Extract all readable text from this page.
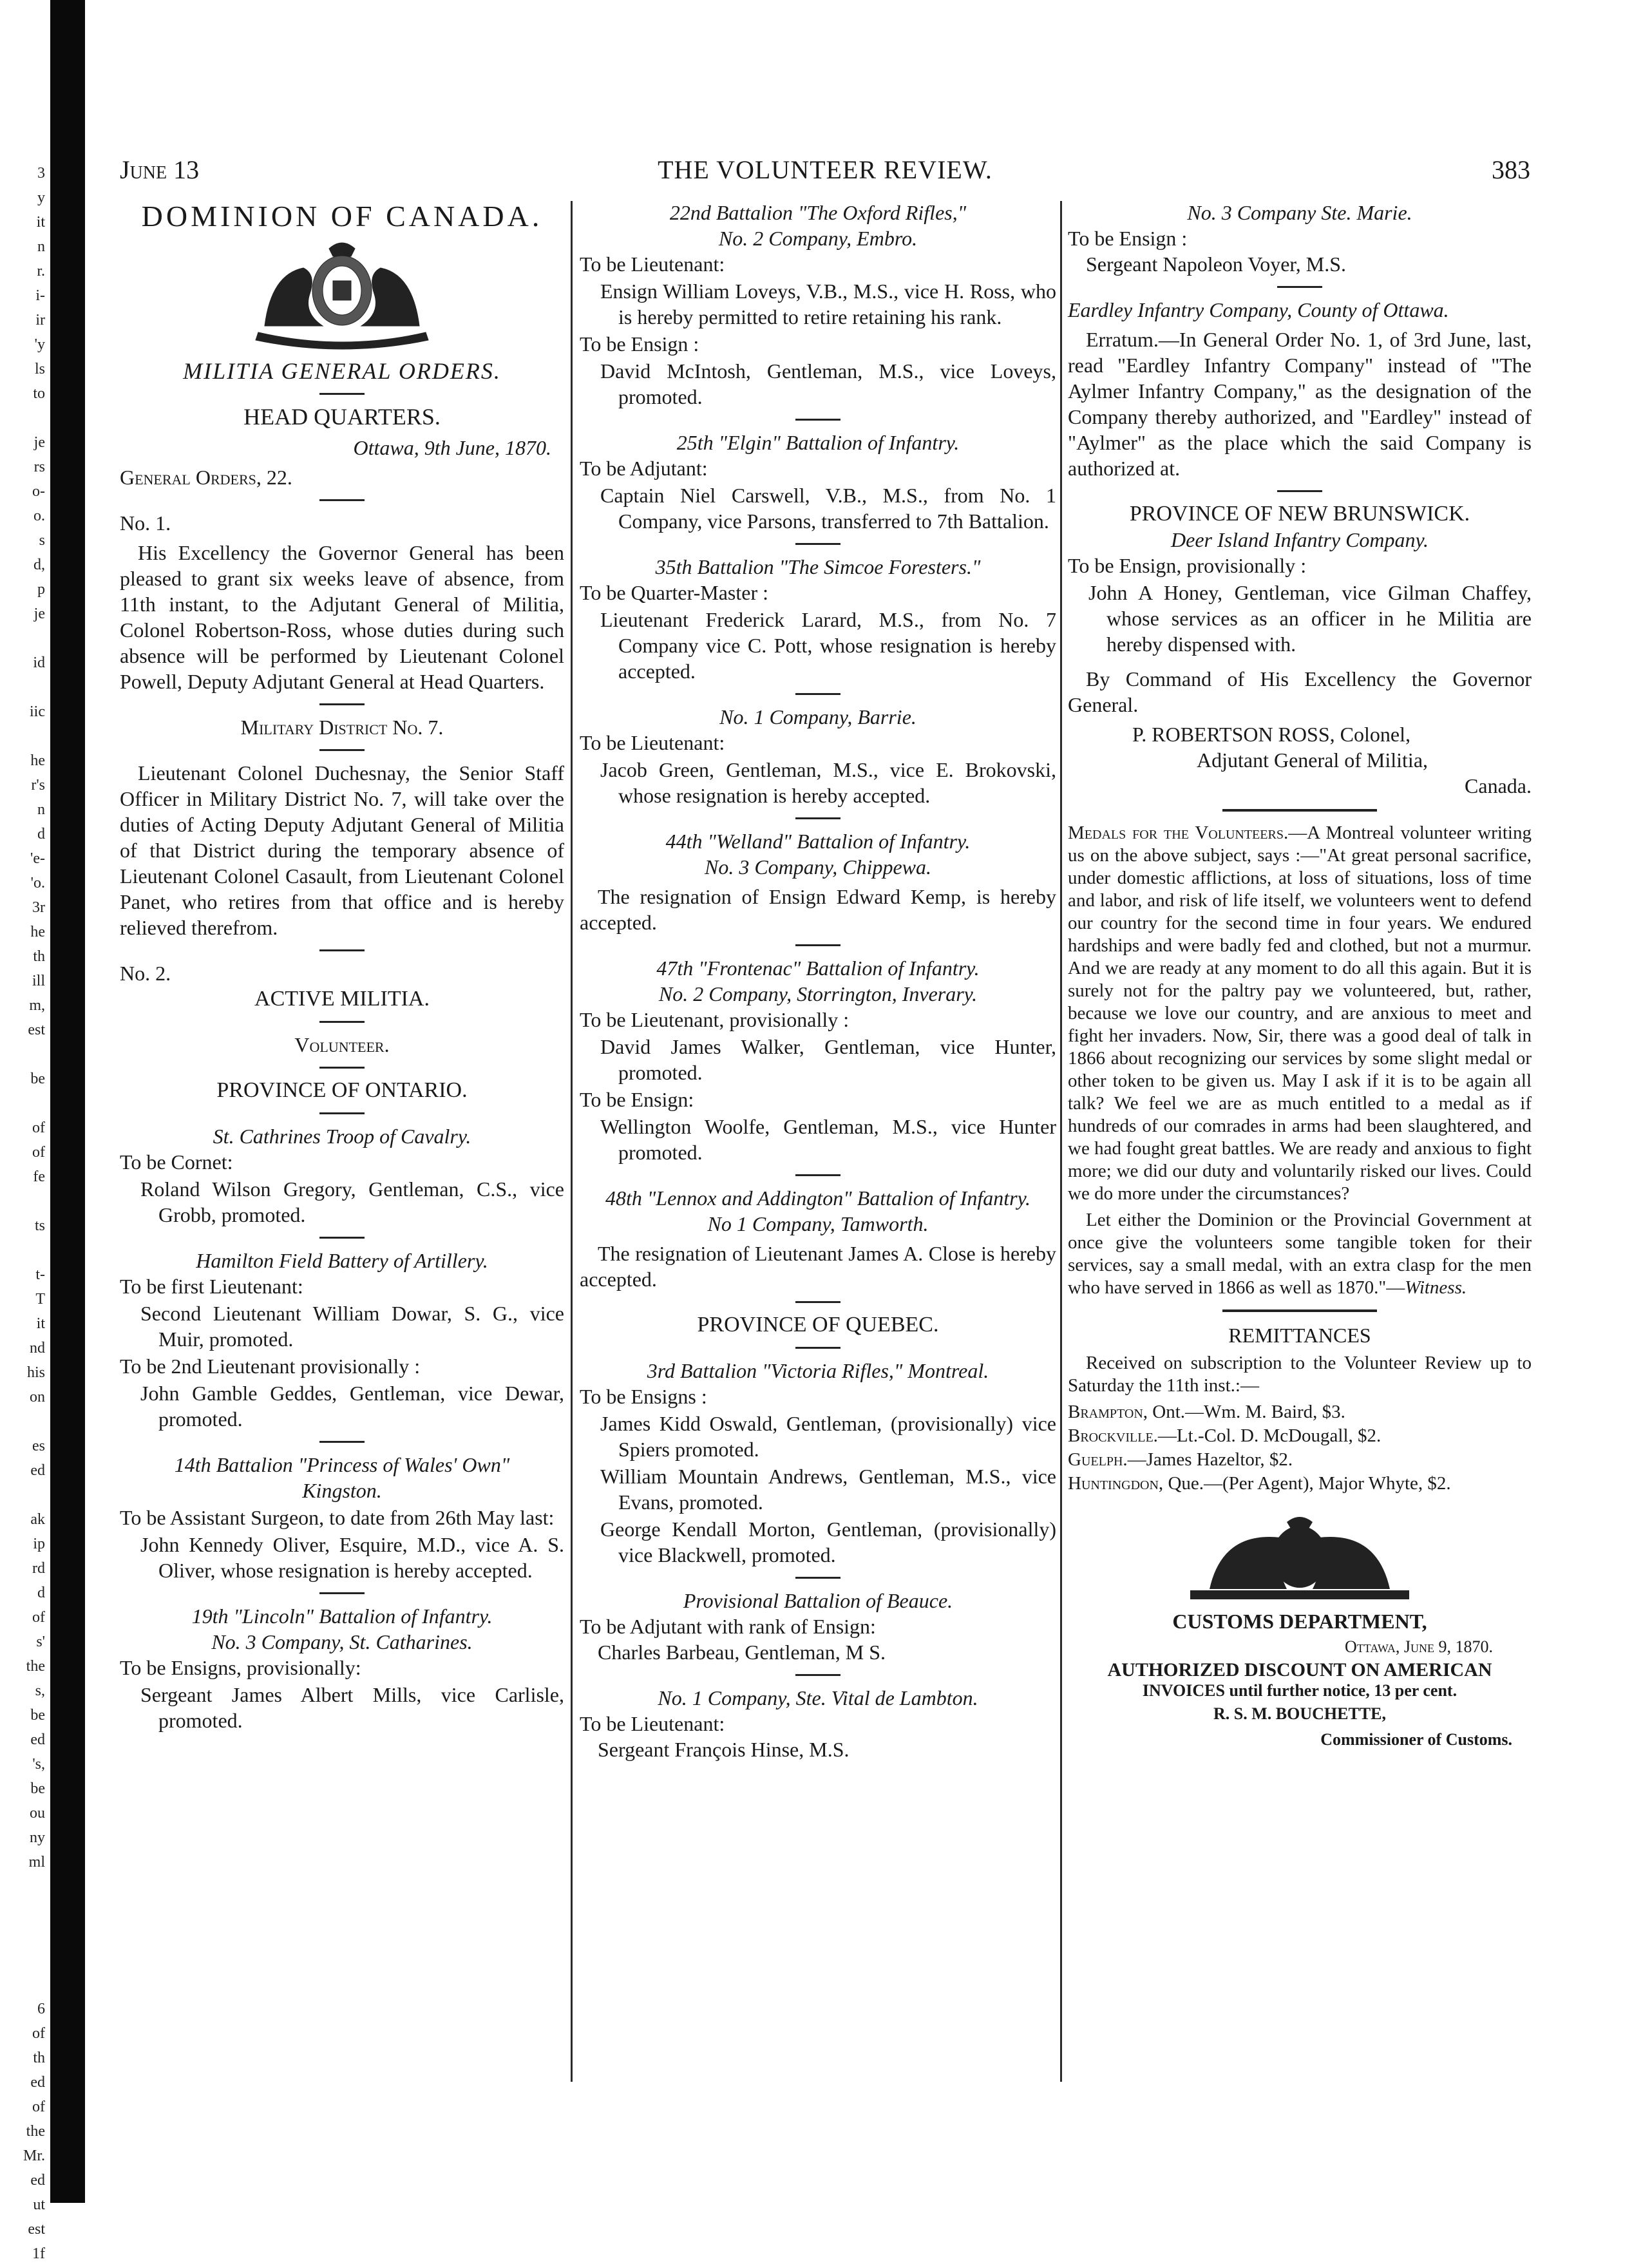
3
y
it
n
r.
i-
ir
'y
ls
to
je
rs
o-
o.
s
d,
p
je
id
iic
he
r's
n
d
'e-
'o.
3r
he
th
ill
m,
est
be
of
of
fe
ts
t-
T
it
nd
his
on
es
ed
ak
ip
rd
d
of
s'
the
s,
be
ed
's,
be
ou
ny
ml
6
of
th
ed
of
the
Mr.
ed
ut
est
1f
THE VOLUNTEER REVIEW.
June 13	383
DOMINION OF CANADA.
MILITIA GENERAL ORDERS.
HEAD QUARTERS.
Ottawa, 9th June, 1870.
General Orders, 22.
No. 1.
His Excellency the Governor General has been pleased to grant six weeks leave of absence, from 11th instant, to the Adjutant General of Militia, Colonel Robertson-Ross, whose duties during such absence will be performed by Lieutenant Colonel Powell, Deputy Adjutant General at Head Quarters.
Military District No. 7.
Lieutenant Colonel Duchesnay, the Senior Staff Officer in Military District No. 7, will take over the duties of Acting Deputy Adjutant General of Militia of that District during the temporary absence of Lieutenant Colonel Casault, from Lieutenant Colonel Panet, who retires from that office and is hereby relieved therefrom.
No. 2.
ACTIVE MILITIA.
Volunteer.
PROVINCE OF ONTARIO.
St. Cathrines Troop of Cavalry.
To be Cornet:
Roland Wilson Gregory, Gentleman, C.S., vice Grobb, promoted.
Hamilton Field Battery of Artillery.
To be first Lieutenant:
Second Lieutenant William Dowar, S. G., vice Muir, promoted.
To be 2nd Lieutenant provisionally :
John Gamble Geddes, Gentleman, vice Dewar, promoted.
14th Battalion "Princess of Wales' Own"
Kingston.
To be Assistant Surgeon, to date from 26th May last:
John Kennedy Oliver, Esquire, M.D., vice A. S. Oliver, whose resignation is hereby accepted.
19th "Lincoln" Battalion of Infantry.
No. 3 Company, St. Catharines.
To be Ensigns, provisionally:
Sergeant James Albert Mills, vice Carlisle, promoted.
22nd Battalion "The Oxford Rifles,"
No. 2 Company, Embro.
To be Lieutenant:
Ensign William Loveys, V.B., M.S., vice H. Ross, who is hereby permitted to retire retaining his rank.
To be Ensign :
David McIntosh, Gentleman, M.S., vice Loveys, promoted.
25th "Elgin" Battalion of Infantry.
To be Adjutant:
Captain Niel Carswell, V.B., M.S., from No. 1 Company, vice Parsons, transferred to 7th Battalion.
35th Battalion "The Simcoe Foresters."
To be Quarter-Master :
Lieutenant Frederick Larard, M.S., from No. 7 Company vice C. Pott, whose resignation is hereby accepted.
No. 1 Company, Barrie.
To be Lieutenant:
Jacob Green, Gentleman, M.S., vice E. Brokovski, whose resignation is hereby accepted.
44th "Welland" Battalion of Infantry.
No. 3 Company, Chippewa.
The resignation of Ensign Edward Kemp, is hereby accepted.
47th "Frontenac" Battalion of Infantry.
No. 2 Company, Storrington, Inverary.
To be Lieutenant, provisionally :
David James Walker, Gentleman, vice Hunter, promoted.
To be Ensign:
Wellington Woolfe, Gentleman, M.S., vice Hunter promoted.
48th "Lennox and Addington" Battalion of Infantry.
No 1 Company, Tamworth.
The resignation of Lieutenant James A. Close is hereby accepted.
PROVINCE OF QUEBEC.
3rd Battalion "Victoria Rifles," Montreal.
To be Ensigns :
James Kidd Oswald, Gentleman, (provisionally) vice Spiers promoted.
William Mountain Andrews, Gentleman, M.S., vice Evans, promoted.
George Kendall Morton, Gentleman, (provisionally) vice Blackwell, promoted.
Provisional Battalion of Beauce.
To be Adjutant with rank of Ensign:
Charles Barbeau, Gentleman, M S.
No. 1 Company, Ste. Vital de Lambton.
To be Lieutenant:
Sergeant François Hinse, M.S.
No. 3 Company Ste. Marie.
To be Ensign :
Sergeant Napoleon Voyer, M.S.
Eardley Infantry Company, County of Ottawa.
Erratum.—In General Order No. 1, of 3rd June, last, read "Eardley Infantry Company" instead of "The Aylmer Infantry Company," as the designation of the Company thereby authorized, and "Eardley" instead of "Aylmer" as the place which the said Company is authorized at.
PROVINCE OF NEW BRUNSWICK.
Deer Island Infantry Company.
To be Ensign, provisionally :
John A Honey, Gentleman, vice Gilman Chaffey, whose services as an officer in he Militia are hereby dispensed with.
By Command of His Excellency the Governor General.
P. ROBERTSON ROSS, Colonel,
Adjutant General of Militia,
Canada.
Medals for the Volunteers.—A Montreal volunteer writing us on the above subject, says :—"At great personal sacrifice, under domestic afflictions, at loss of situations, loss of time and labor, and risk of life itself, we volunteers went to defend our country for the second time in four years. We endured hardships and were badly fed and clothed, but not a murmur. And we are ready at any moment to do all this again. But it is surely not for the paltry pay we volunteered, but, rather, because we love our country, and are anxious to meet and fight her invaders. Now, Sir, there was a good deal of talk in 1866 about recognizing our services by some slight medal or other token to be given us. May I ask if it is to be again all talk? We feel we are as much entitled to a medal as if hundreds of our comrades in arms had been slaughtered, and we had fought great battles. We are ready and anxious to fight more; we did our duty and voluntarily risked our lives. Could we do more under the circumstances?
Let either the Dominion or the Provincial Government at once give the volunteers some tangible token for their services, say a small medal, with an extra clasp for the men who have served in 1866 as well as 1870."—Witness.
REMITTANCES
Received on subscription to the Volunteer Review up to Saturday the 11th inst.:—
Brampton, Ont.—Wm. M. Baird, $3.
Brockville.—Lt.-Col. D. McDougall, $2.
Guelph.—James Hazeltor, $2.
Huntingdon, Que.—(Per Agent), Major Whyte, $2.
CUSTOMS DEPARTMENT,
Ottawa, June 9, 1870.
AUTHORIZED DISCOUNT ON AMERICAN
INVOICES until further notice, 13 per cent.
R. S. M. BOUCHETTE,
Commissioner of Customs.
